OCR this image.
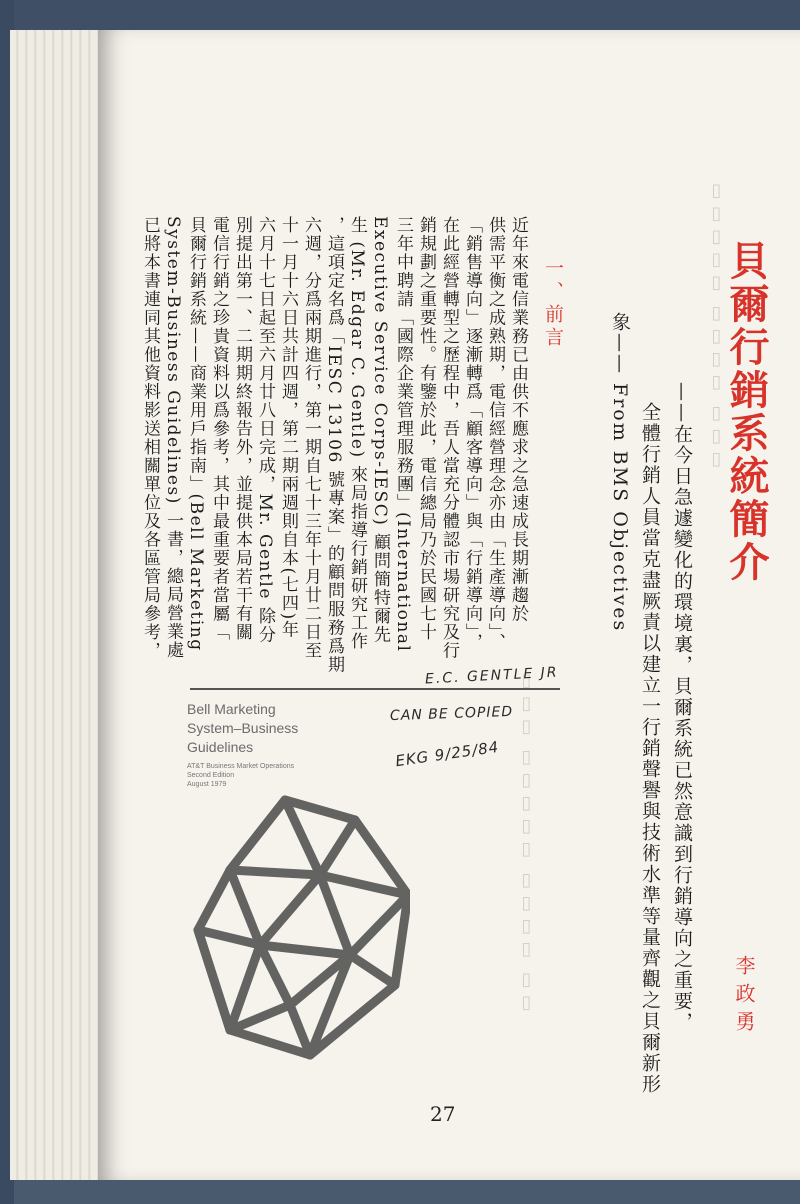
▯▯▯▯▯ ▯▯▯▯ ▯▯▯
▯▯▯ ▯▯▯▯▯ ▯▯▯▯ ▯▯
貝爾行銷系統簡介
李政勇
——在今日急遽變化的環境裏，貝爾系統已然意識到行銷導向之重要，
全體行銷人員當克盡厥責以建立一行銷聲譽與技術水準等量齊觀之貝爾新形
象—— From BMS Objectives
一、前言
近年來電信業務已由供不應求之急速成長期漸趨於
供需平衡之成熟期，電信經營理念亦由「生產導向」、
「銷售導向」逐漸轉爲「顧客導向」與「行銷導向」，
在此經營轉型之歷程中，吾人當充分體認市場研究及行
銷規劃之重要性。有鑒於此，電信總局乃於民國七十
三年中聘請「國際企業管理服務團」(International
Executive Service Corps-IESC) 顧問簡特爾先
生 (Mr. Edgar C. Gentle) 來局指導行銷研究工作
，這項定名爲「IESC 13106 號專案」的顧問服務爲期
六週，分爲兩期進行，第一期自七十三年十月廿二日至
十一月十六日共計四週，第二期兩週則自本(七四)年
六月十七日起至六月廿八日完成，Mr. Gentle 除分
別提出第一、二期期終報告外，並提供本局若干有關
電信行銷之珍貴資料以爲參考，其中最重要者當屬「
貝爾行銷系統——商業用戶指南」(Bell Marketing
System-Business Guidelines) 一書，總局營業處
已將本書連同其他資料影送相關單位及各區管局參考，
Bell Marketing
System–Business
Guidelines
AT&T Business Market Operations
Second Edition
August 1979
E.C. GENTLE JR
CAN BE COPIED
EKG 9/25/84
27
